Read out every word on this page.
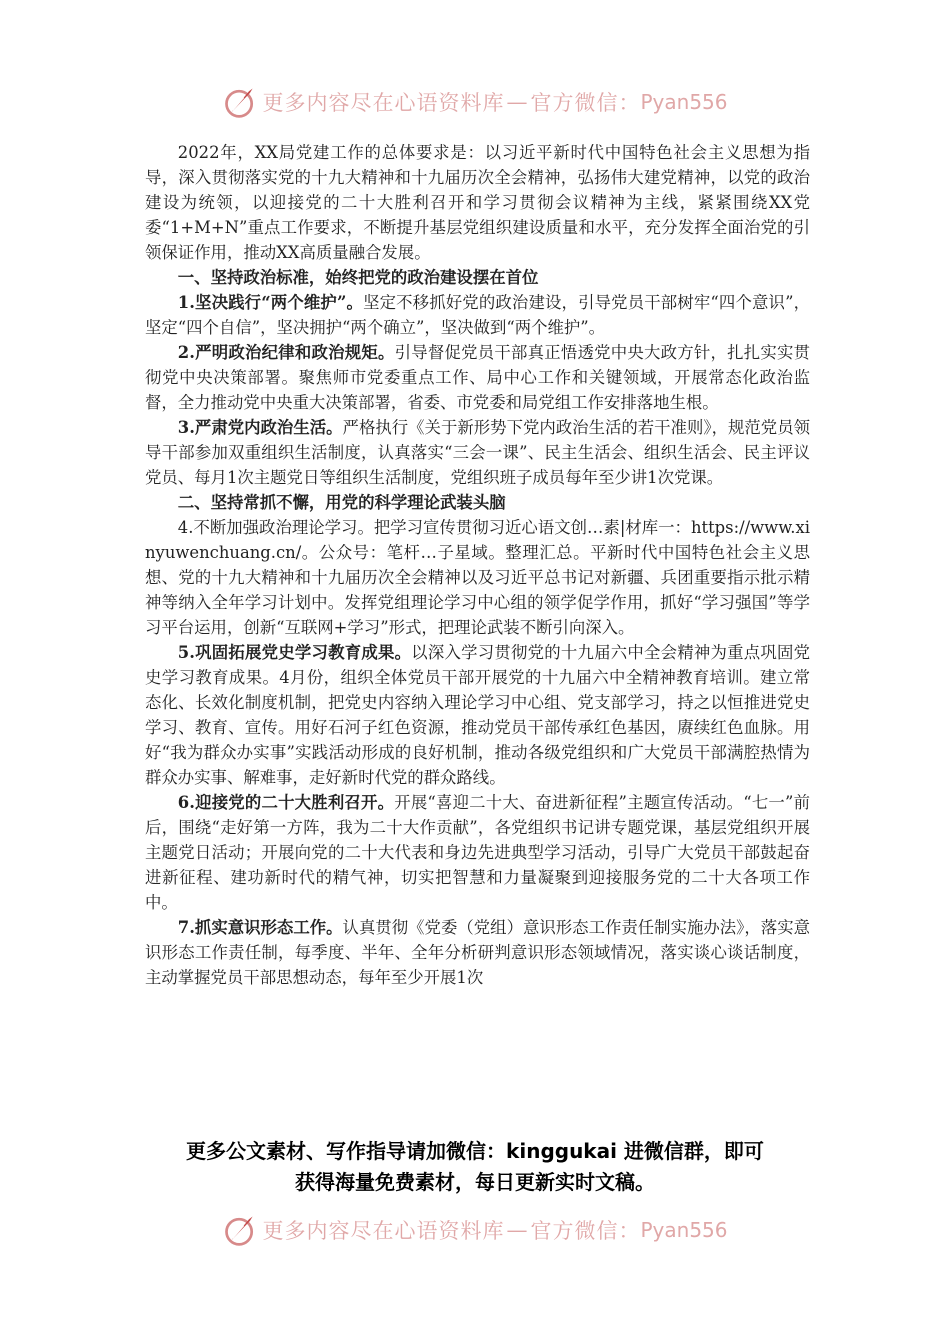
更多内容尽在心语资料库 — 官方微信： Pyan556

2022年，XX局党建工作的总体要求是：以习近平新时代中国特色社会主义思想为指导，深入贯彻落实党的十九大精神和十九届历次全会精神，弘扬伟大建党精神，以党的政治建设为统领，以迎接党的二十大胜利召开和学习贯彻会议精神为主线，紧紧围绕XX党委“1+M+N”重点工作要求，不断提升基层党组织建设质量和水平，充分发挥全面治党的引领保证作用，推动XX高质量融合发展。

一、坚持政治标准，始终把党的政治建设摆在首位

1.坚决践行“两个维护”。坚定不移抓好党的政治建设，引导党员干部树牢“四个意识”，坚定“四个自信”，坚决拥护“两个确立”，坚决做到“两个维护”。

2.严明政治纪律和政治规矩。引导督促党员干部真正悟透党中央大政方针，扎扎实实贯彻党中央决策部署。聚焦师市党委重点工作、局中心工作和关键领域，开展常态化政治监督，全力推动党中央重大决策部署，省委、市党委和局党组工作安排落地生根。

3.严肃党内政治生活。严格执行《关于新形势下党内政治生活的若干准则》，规范党员领导干部参加双重组织生活制度，认真落实“三会一课”、民主生活会、组织生活会、民主评议党员、每月1次主题党日等组织生活制度，党组织班子成员每年至少讲1次党课。

二、坚持常抓不懈，用党的科学理论武装头脑

4.不断加强政治理论学习。把学习宣传贯彻习近心语文创…素|材库一：https://www.xinyuwenchuang.cn/。公众号：笔杆…子星域。整理汇总。平新时代中国特色社会主义思想、党的十九大精神和十九届历次全会精神以及习近平总书记对新疆、兵团重要指示批示精神等纳入全年学习计划中。发挥党组理论学习中心组的领学促学作用，抓好“学习强国”等学习平台运用，创新“互联网+学习”形式，把理论武装不断引向深入。

5.巩固拓展党史学习教育成果。以深入学习贯彻党的十九届六中全会精神为重点巩固党史学习教育成果。4月份，组织全体党员干部开展党的十九届六中全精神教育培训。建立常态化、长效化制度机制，把党史内容纳入理论学习中心组、党支部学习，持之以恒推进党史学习、教育、宣传。用好石河子红色资源，推动党员干部传承红色基因，赓续红色血脉。用好“我为群众办实事”实践活动形成的良好机制，推动各级党组织和广大党员干部满腔热情为群众办实事、解难事，走好新时代党的群众路线。

6.迎接党的二十大胜利召开。开展“喜迎二十大、奋进新征程”主题宣传活动。“七一”前后，围绕“走好第一方阵，我为二十大作贡献”，各党组织书记讲专题党课，基层党组织开展主题党日活动；开展向党的二十大代表和身边先进典型学习活动，引导广大党员干部鼓起奋进新征程、建功新时代的精气神，切实把智慧和力量凝聚到迎接服务党的二十大各项工作中。

7.抓实意识形态工作。认真贯彻《党委（党组）意识形态工作责任制实施办法》，落实意识形态工作责任制，每季度、半年、全年分析研判意识形态领域情况，落实谈心谈话制度，主动掌握党员干部思想动态，每年至少开展1次

更多公文素材、写作指导请加微信：kinggukai 进微信群，即可
获得海量免费素材，每日更新实时文稿。
更多内容尽在心语资料库 — 官方微信： Pyan556
